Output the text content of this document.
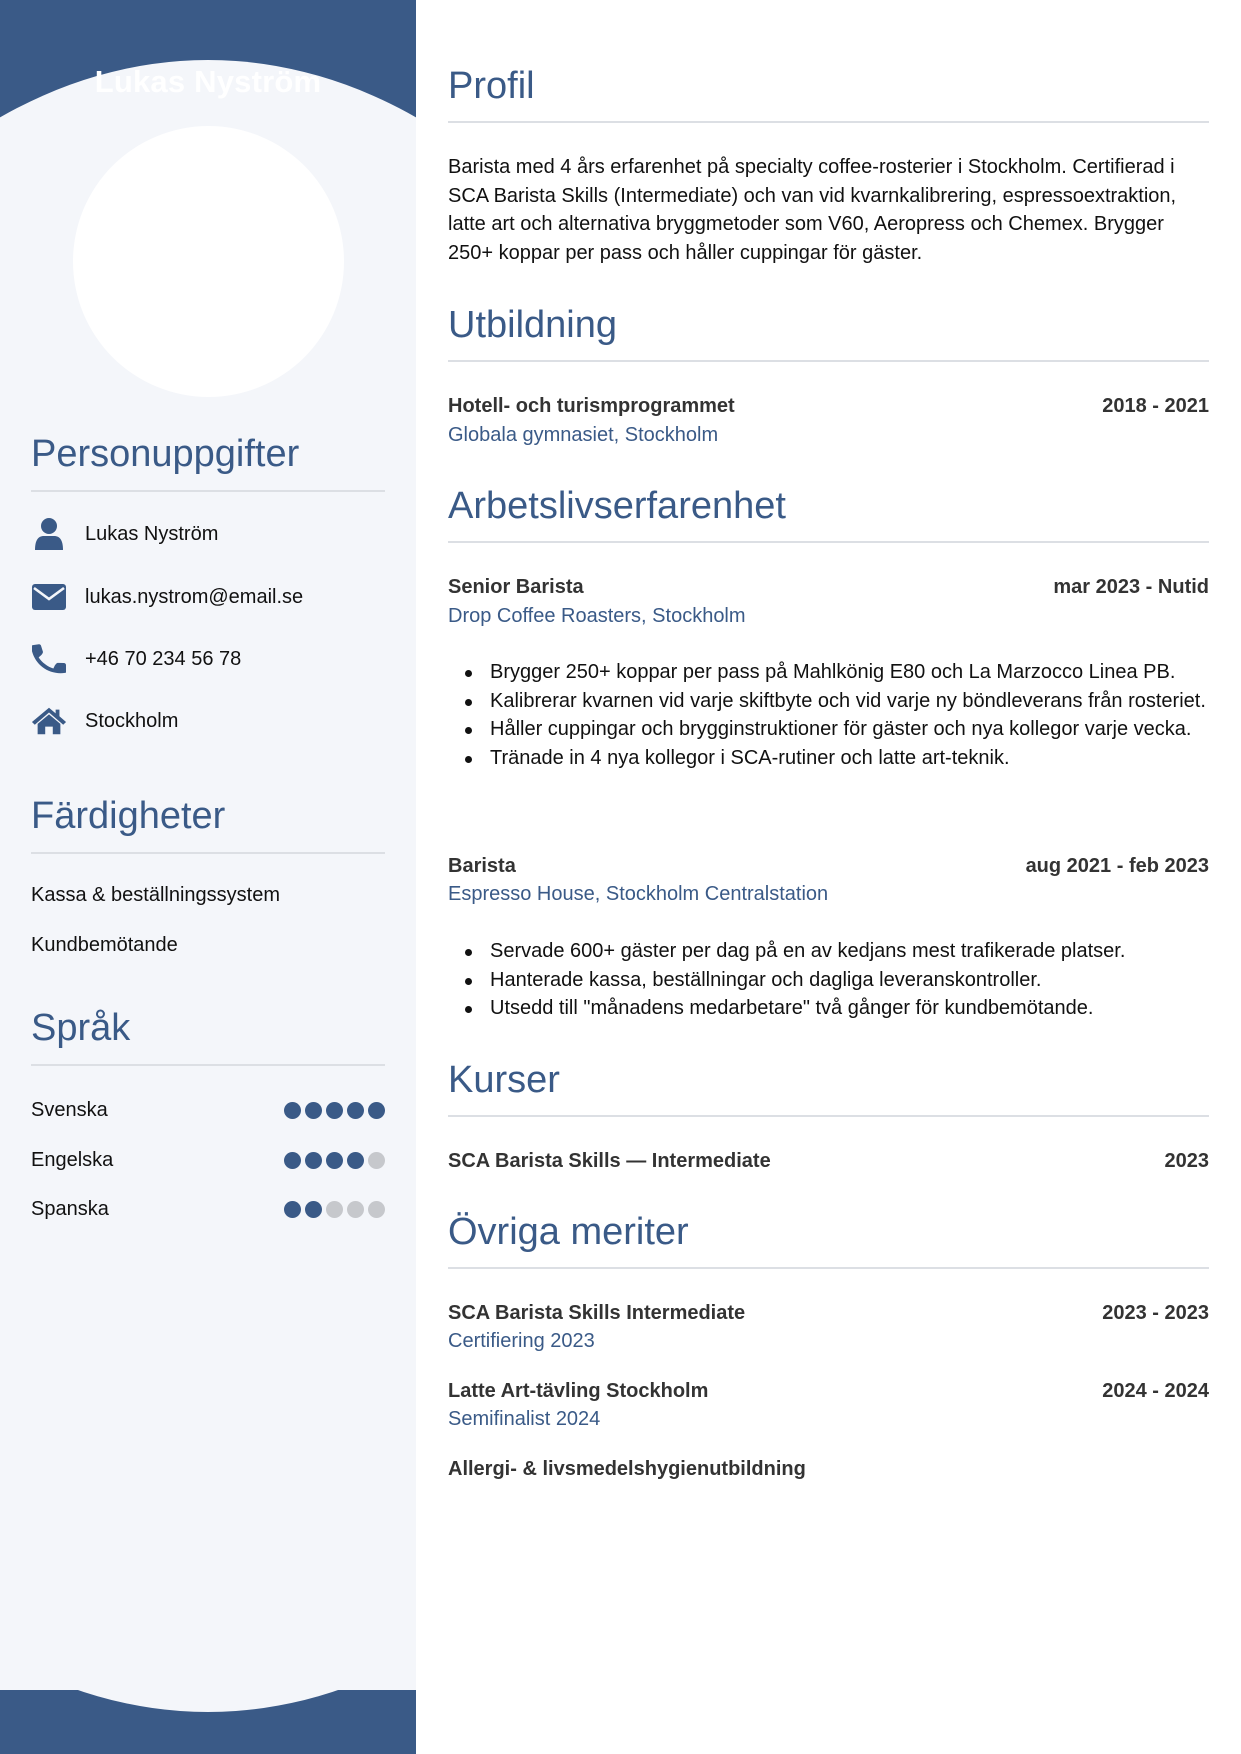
Lukas Nyström
Personuppgifter
Lukas Nyström
lukas.nystrom@email.se
+46 70 234 56 78
Stockholm
Färdigheter
Kassa & beställningssystem
Kundbemötande
Språk
Svenska
Engelska
Spanska
Profil

Barista med 4 års erfarenhet på specialty coffee-rosterier i Stockholm. Certifierad i SCA Barista Skills (Intermediate) och van vid kvarnkalibrering, espressoextraktion, latte art och alternativa bryggmetoder som V60, Aeropress och Chemex. Brygger 250+ koppar per pass och håller cuppingar för gäster.

Utbildning
Hotell- och turismprogrammet	2018 - 2021
Globala gymnasiet, Stockholm
Arbetslivserfarenhet
Senior Barista	mar 2023 - Nutid
Drop Coffee Roasters, Stockholm
Brygger 250+ koppar per pass på Mahlkönig E80 och La Marzocco Linea PB.
Kalibrerar kvarnen vid varje skiftbyte och vid varje ny böndleverans från rosteriet.
Håller cuppingar och brygginstruktioner för gäster och nya kollegor varje vecka.
Tränade in 4 nya kollegor i SCA-rutiner och latte art-teknik.
Barista	aug 2021 - feb 2023
Espresso House, Stockholm Centralstation
Servade 600+ gäster per dag på en av kedjans mest trafikerade platser.
Hanterade kassa, beställningar och dagliga leveranskontroller.
Utsedd till "månadens medarbetare" två gånger för kundbemötande.
Kurser
SCA Barista Skills — Intermediate	2023
Övriga meriter
SCA Barista Skills Intermediate	2023 - 2023
Certifiering 2023
Latte Art-tävling Stockholm	2024 - 2024
Semifinalist 2024
Allergi- & livsmedelshygienutbildning
